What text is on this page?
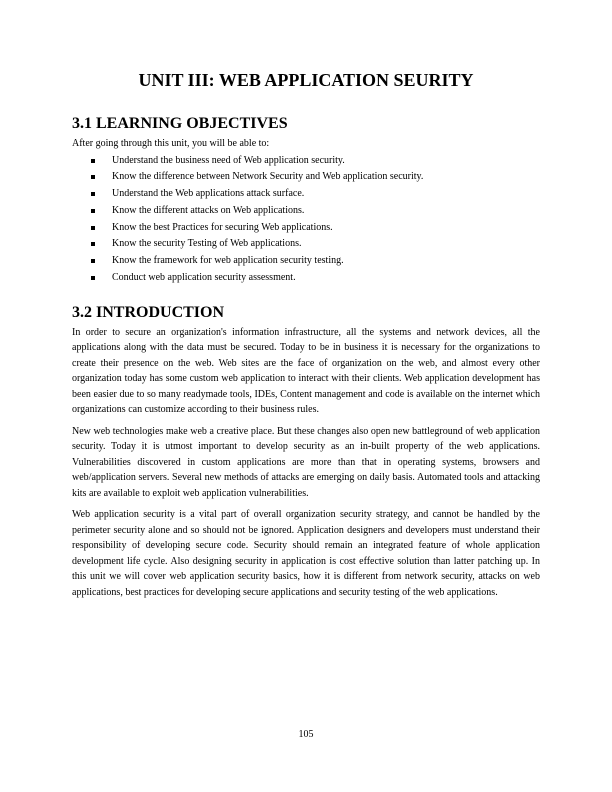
UNIT III: WEB APPLICATION SEURITY
3.1 LEARNING OBJECTIVES

After going through this unit, you will be able to:

Understand the business need of Web application security.
Know the difference between Network Security and Web application security.
Understand the Web applications attack surface.
Know the different attacks on Web applications.
Know the best Practices for securing Web applications.
Know the security Testing of Web applications.
Know the framework for web application security testing.
Conduct web application security assessment.
3.2 INTRODUCTION

In order to secure an organization's information infrastructure, all the systems and network devices, all the applications along with the data must be secured. Today to be in business it is necessary for the organizations to create their presence on the web. Web sites are the face of organization on the web, and almost every other organization today has some custom web application to interact with their clients. Web application development has been easier due to so many readymade tools, IDEs, Content management and code is available on the internet which organizations can customize according to their business rules.

New web technologies make web a creative place. But these changes also open new battleground of web application security. Today it is utmost important to develop security as an in-built property of the web applications. Vulnerabilities discovered in custom applications are more than that in operating systems, browsers and web/application servers. Several new methods of attacks are emerging on daily basis. Automated tools and attacking kits are available to exploit web application vulnerabilities.

Web application security is a vital part of overall organization security strategy, and cannot be handled by the perimeter security alone and so should not be ignored. Application designers and developers must understand their responsibility of developing secure code. Security should remain an integrated feature of whole application development life cycle. Also designing security in application is cost effective solution than latter patching up. In this unit we will cover web application security basics, how it is different from network security, attacks on web applications, best practices for developing secure applications and security testing of the web applications.

105
